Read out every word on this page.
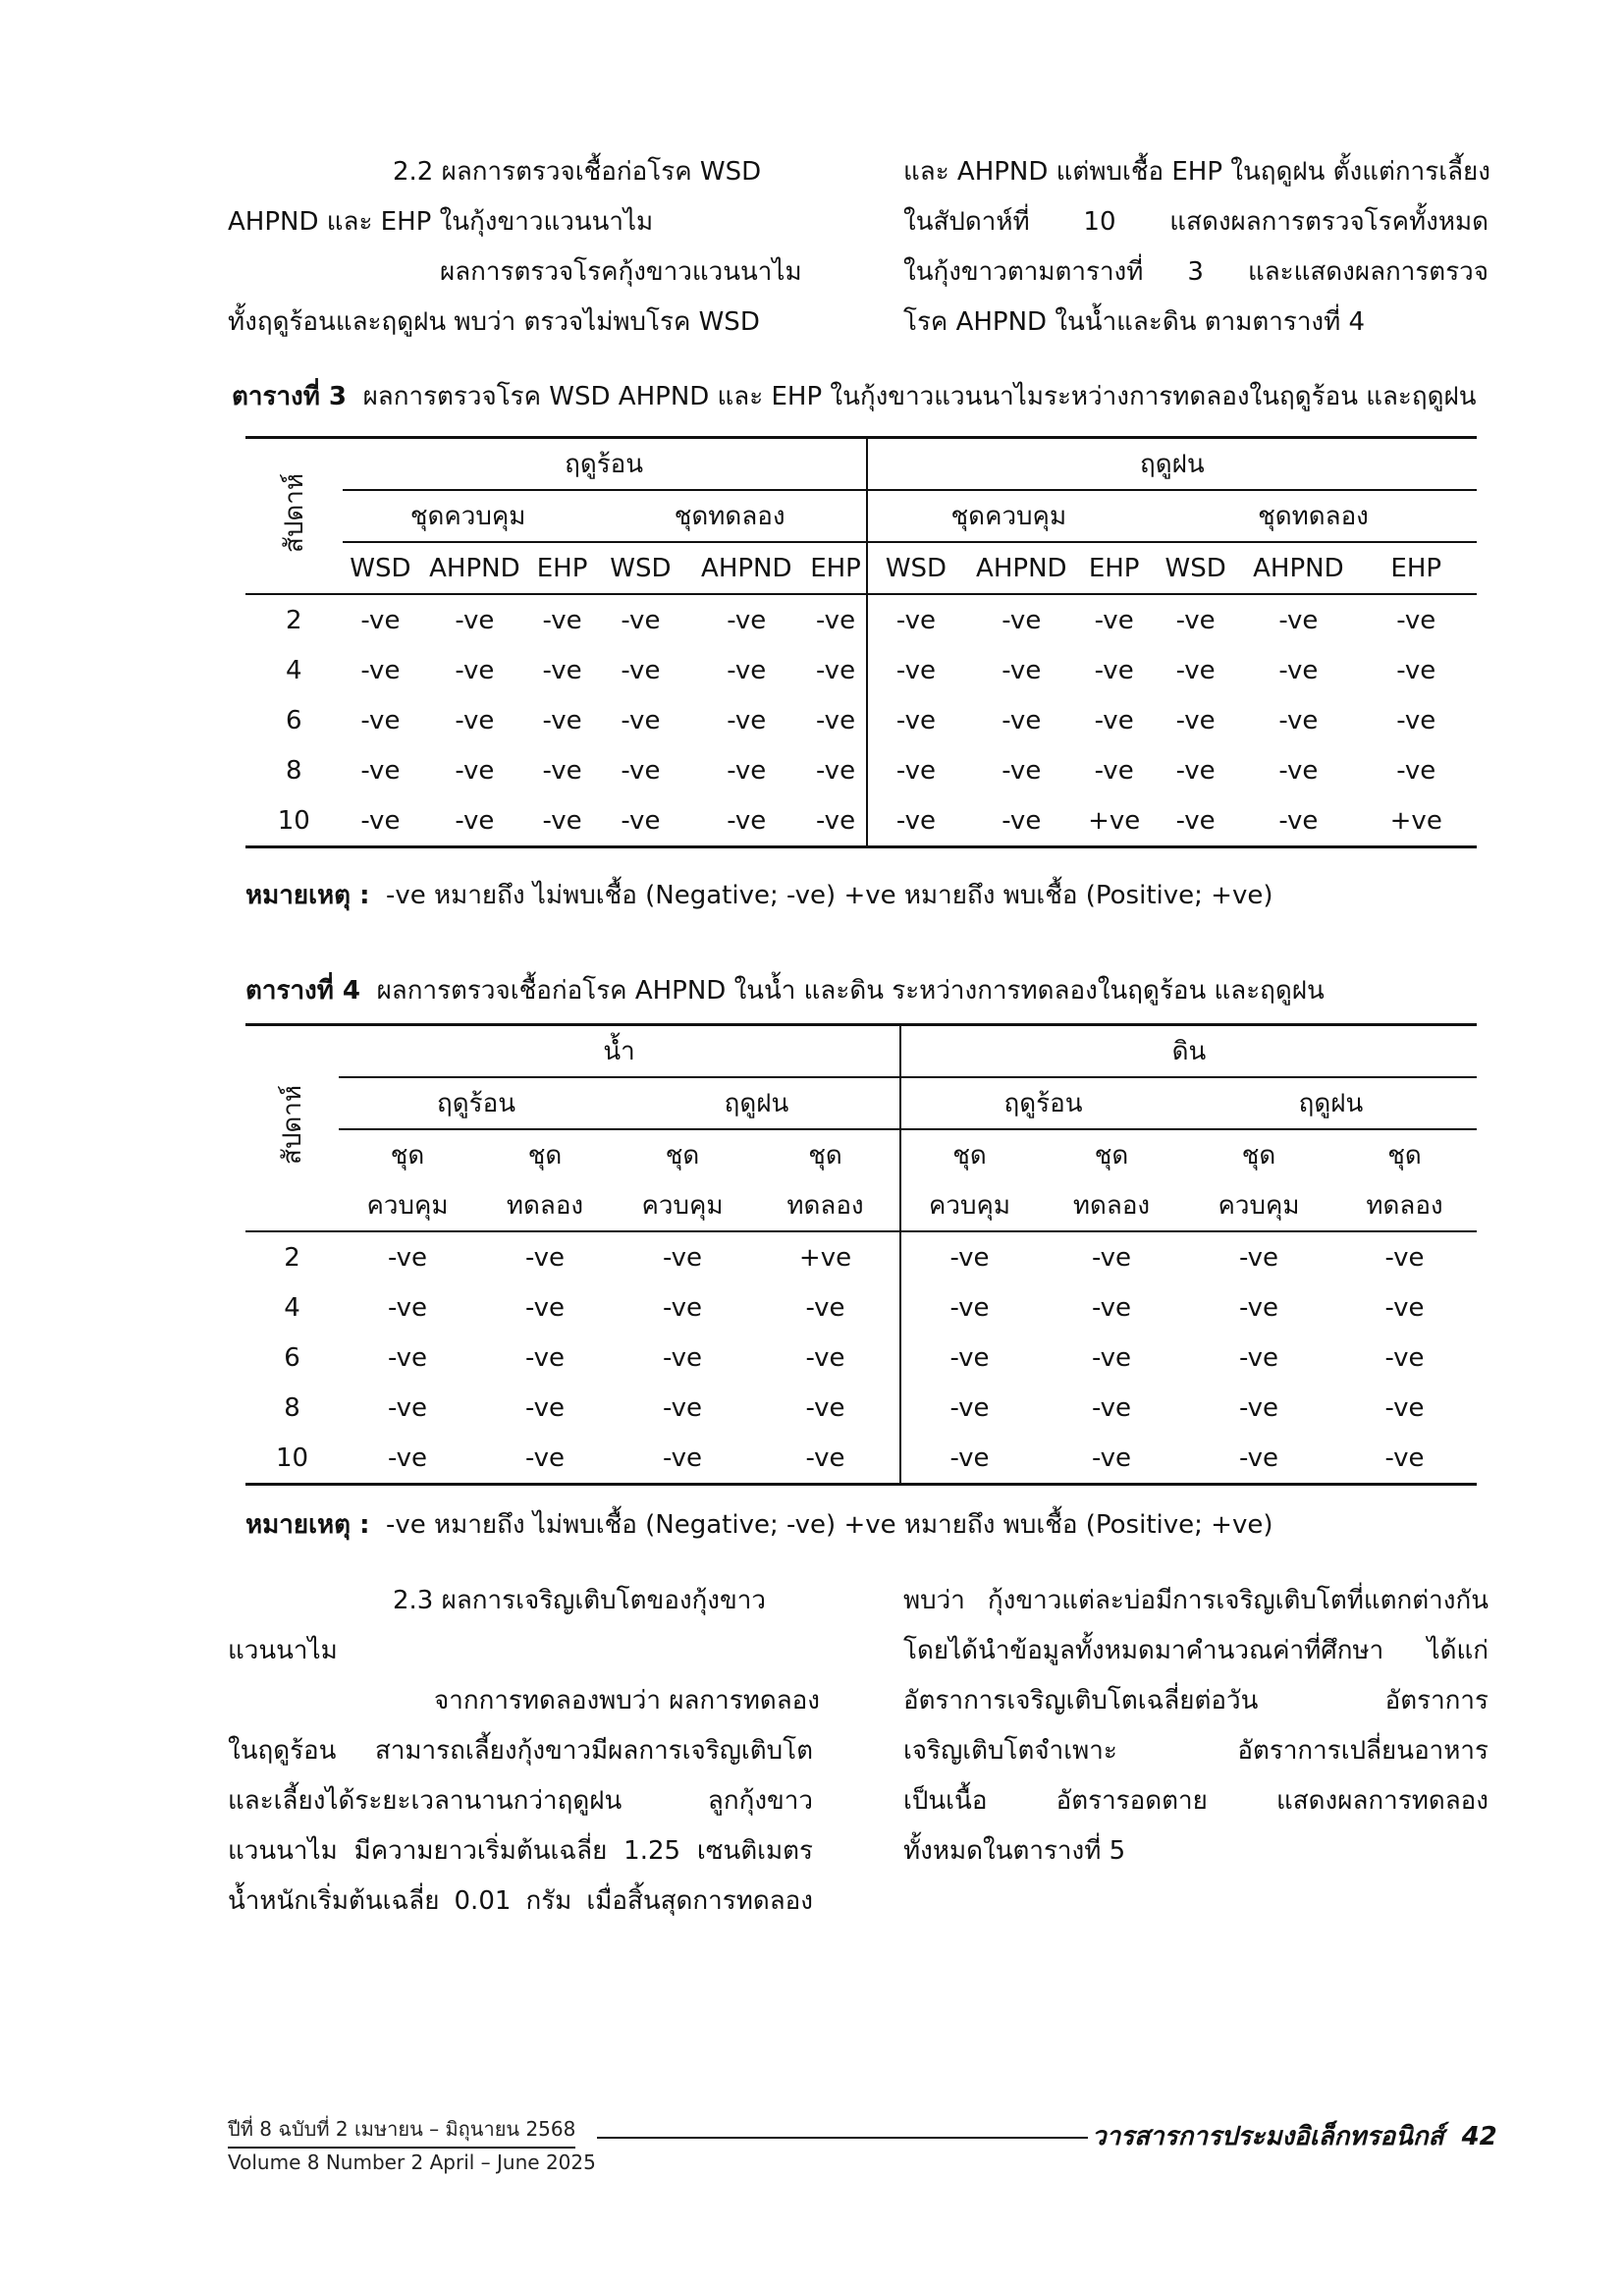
2.2 ผลการตรวจเชื้อก่อโรค WSD
AHPND และ EHP ในกุ้งขาวแวนนาไม
ผลการตรวจโรคกุ้งขาวแวนนาไม
ทั้งฤดูร้อนและฤดูฝน พบว่า ตรวจไม่พบโรค WSD
และ AHPND แต่พบเชื้อ EHP ในฤดูฝน ตั้งแต่การเลี้ยง
ในสัปดาห์ที่ 10 แสดงผลการตรวจโรคทั้งหมด
ในกุ้งขาวตามตารางที่ 3 และแสดงผลการตรวจ
โรค AHPND ในน้ำและดิน ตามตารางที่ 4
ตารางที่ 3 ผลการตรวจโรค WSD AHPND และ EHP ในกุ้งขาวแวนนาไมระหว่างการทดลองในฤดูร้อน และฤดูฝน
สัปดาห์	ฤดูร้อน						ฤดูฝน					
	ชุดควบคุม			ชุดทดลอง			ชุดควบคุม			ชุดทดลอง		
	WSD	AHPND	EHP	WSD	AHPND	EHP	WSD	AHPND	EHP	WSD	AHPND	EHP
2	-ve	-ve	-ve	-ve	-ve	-ve	-ve	-ve	-ve	-ve	-ve	-ve
4	-ve	-ve	-ve	-ve	-ve	-ve	-ve	-ve	-ve	-ve	-ve	-ve
6	-ve	-ve	-ve	-ve	-ve	-ve	-ve	-ve	-ve	-ve	-ve	-ve
8	-ve	-ve	-ve	-ve	-ve	-ve	-ve	-ve	-ve	-ve	-ve	-ve
10	-ve	-ve	-ve	-ve	-ve	-ve	-ve	-ve	+ve	-ve	-ve	+ve
หมายเหตุ : -ve หมายถึง ไม่พบเชื้อ (Negative; -ve) +ve หมายถึง พบเชื้อ (Positive; +ve)
ตารางที่ 4 ผลการตรวจเชื้อก่อโรค AHPND ในน้ำ และดิน ระหว่างการทดลองในฤดูร้อน และฤดูฝน
สัปดาห์	น้ำ				ดิน			
	ฤดูร้อน		ฤดูฝน		ฤดูร้อน		ฤดูฝน	
	ชุด	ชุด	ชุด	ชุด	ชุด	ชุด	ชุด	ชุด
	ควบคุม	ทดลอง	ควบคุม	ทดลอง	ควบคุม	ทดลอง	ควบคุม	ทดลอง
2	-ve	-ve	-ve	+ve	-ve	-ve	-ve	-ve
4	-ve	-ve	-ve	-ve	-ve	-ve	-ve	-ve
6	-ve	-ve	-ve	-ve	-ve	-ve	-ve	-ve
8	-ve	-ve	-ve	-ve	-ve	-ve	-ve	-ve
10	-ve	-ve	-ve	-ve	-ve	-ve	-ve	-ve
หมายเหตุ : -ve หมายถึง ไม่พบเชื้อ (Negative; -ve) +ve หมายถึง พบเชื้อ (Positive; +ve)
2.3 ผลการเจริญเติบโตของกุ้งขาว
แวนนาไม
จากการทดลองพบว่า ผลการทดลอง
ในฤดูร้อน สามารถเลี้ยงกุ้งขาวมีผลการเจริญเติบโต
และเลี้ยงได้ระยะเวลานานกว่าฤดูฝน ลูกกุ้งขาว
แวนนาไม มีความยาวเริ่มต้นเฉลี่ย 1.25 เซนติเมตร
น้ำหนักเริ่มต้นเฉลี่ย 0.01 กรัม เมื่อสิ้นสุดการทดลอง
พบว่า กุ้งขาวแต่ละบ่อมีการเจริญเติบโตที่แตกต่างกัน
โดยได้นำข้อมูลทั้งหมดมาคำนวณค่าที่ศึกษา ได้แก่
อัตราการเจริญเติบโตเฉลี่ยต่อวัน อัตราการ
เจริญเติบโตจำเพาะ อัตราการเปลี่ยนอาหาร
เป็นเนื้อ อัตรารอดตาย แสดงผลการทดลอง
ทั้งหมดในตารางที่ 5
ปีที่ 8 ฉบับที่ 2 เมษายน – มิถุนายน 2568
Volume 8 Number 2 April – June 2025
วารสารการประมงอิเล็กทรอนิกส์ 42
